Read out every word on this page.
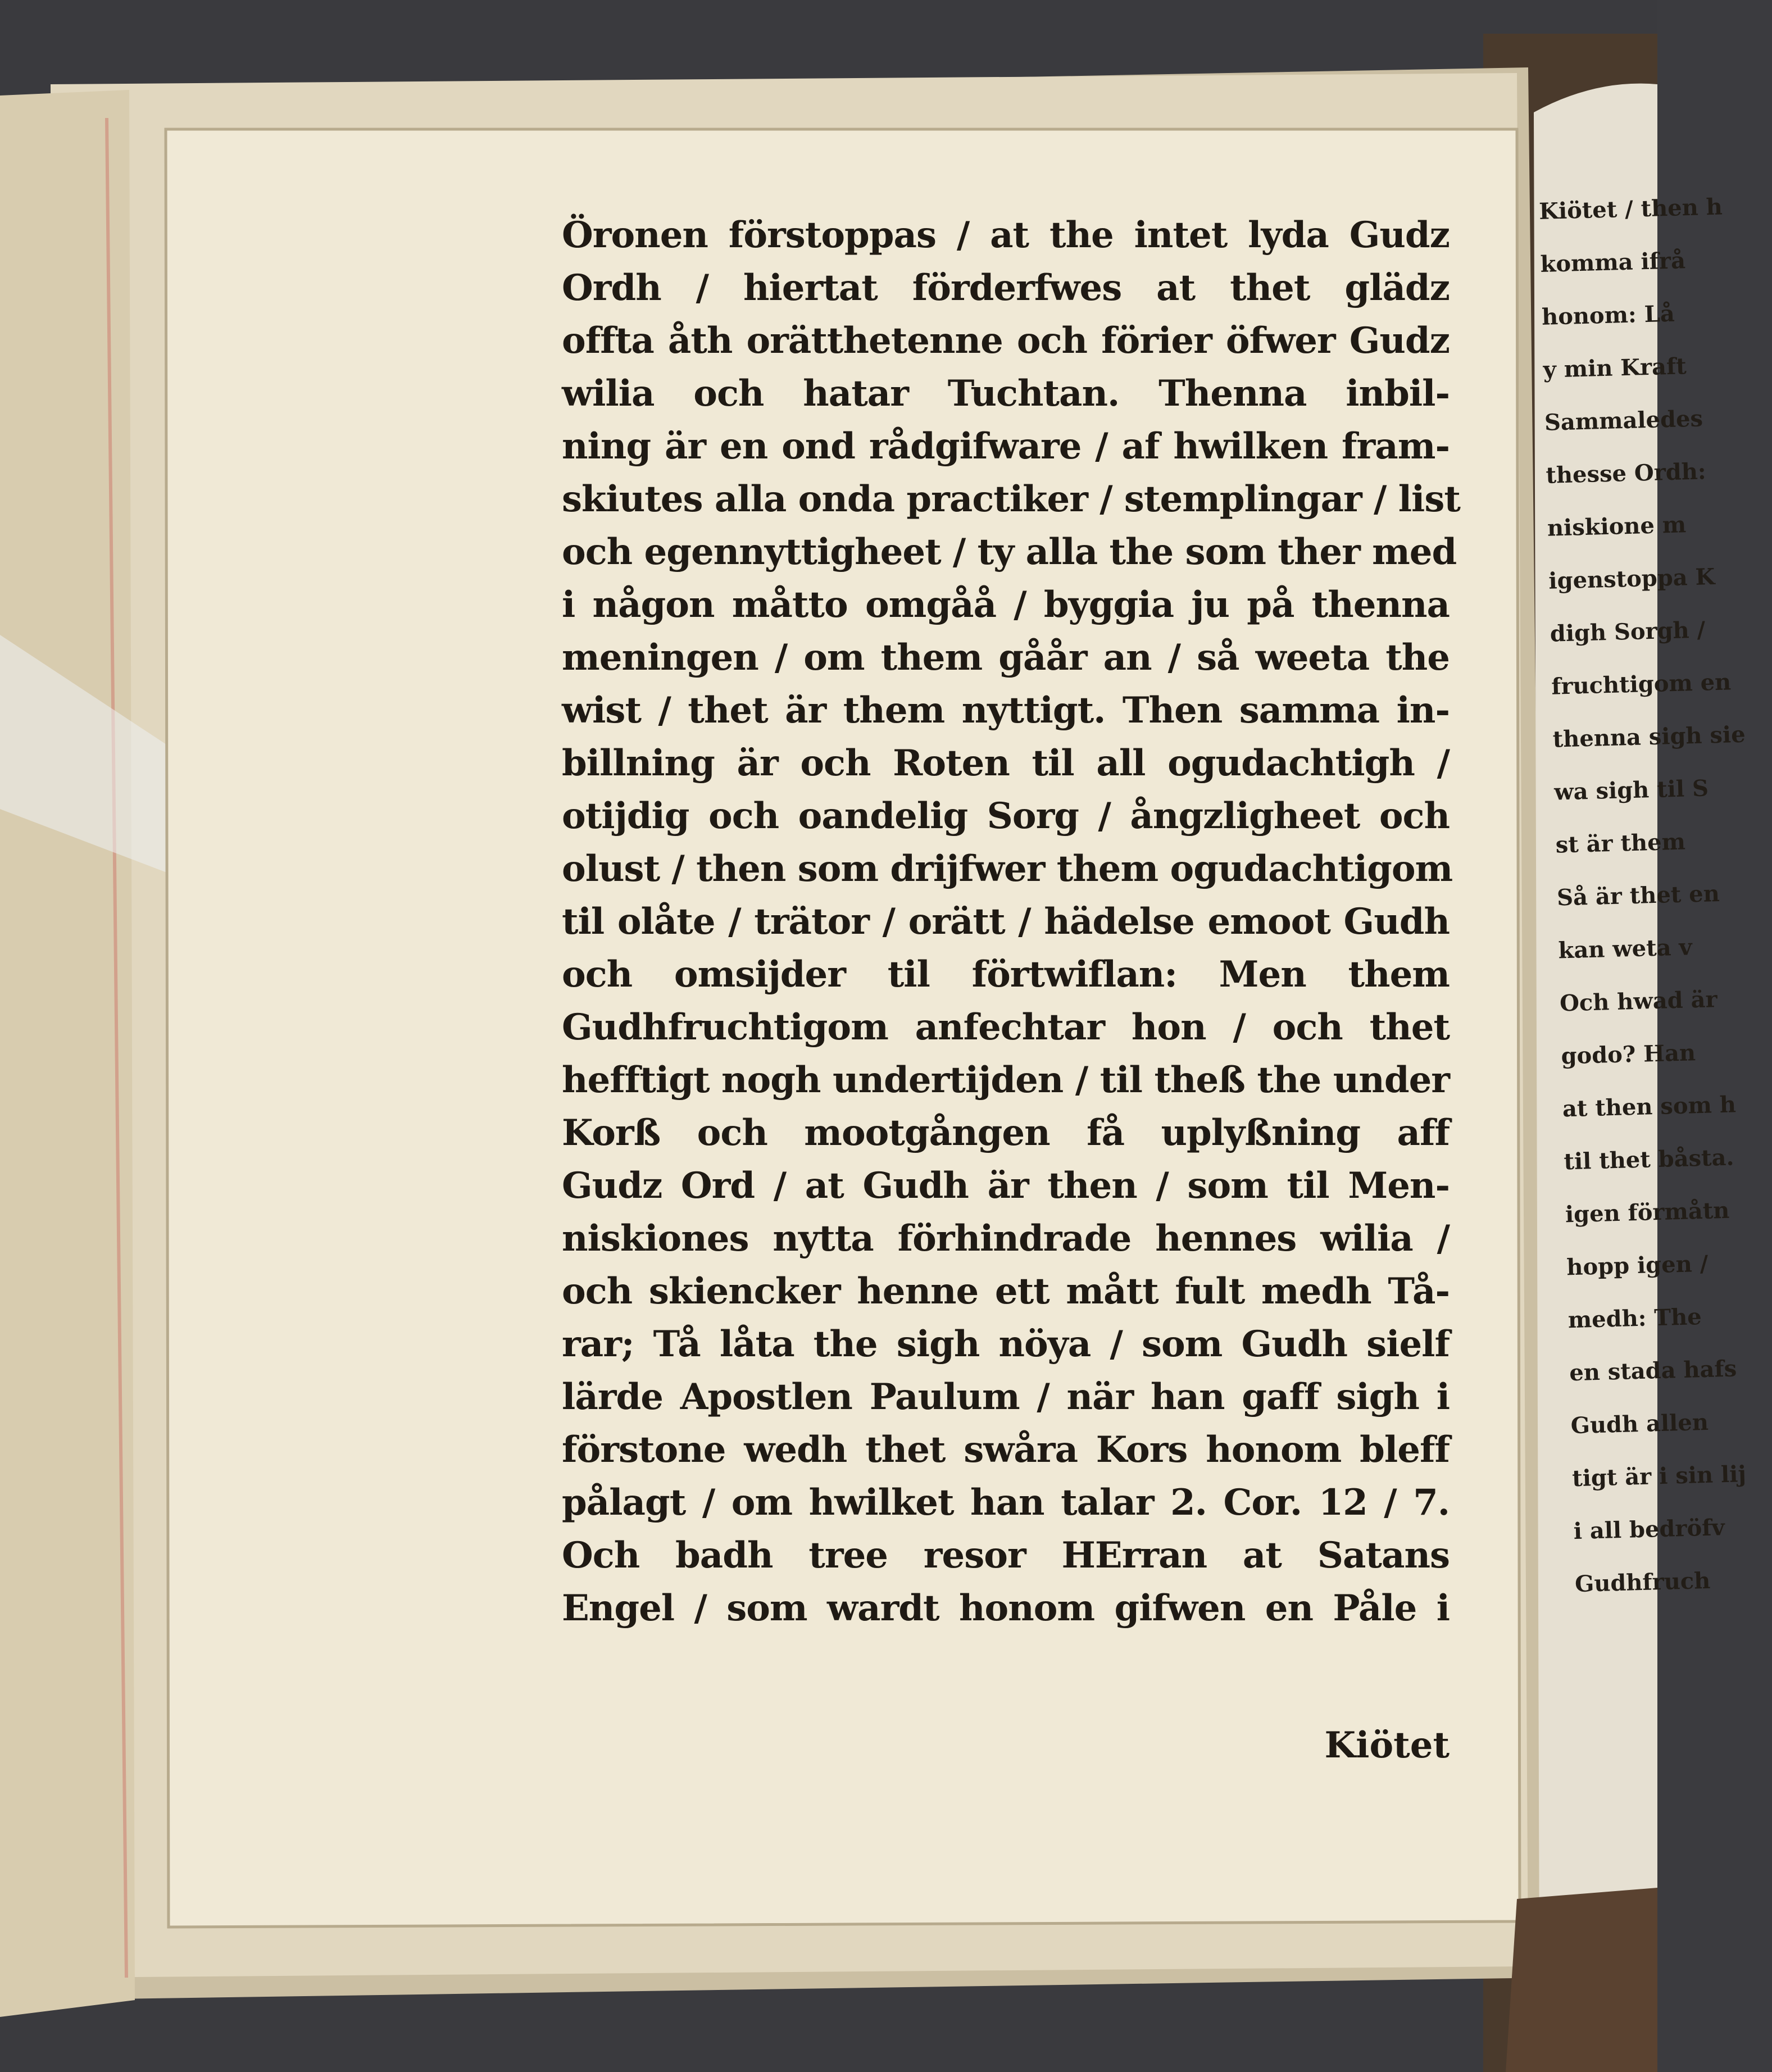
Öronen förstoppas / at the intet lyda Gudz
Ordh / hiertat förderfwes at thet glädz
offta åth orätthetenne och förier öfwer Gudz
wilia och hatar Tuchtan. Thenna inbil-
ning är en ond rådgifware / af hwilken fram-
skiutes alla onda practiker / stemplingar / list
och egennyttigheet / ty alla the som ther med
i någon måtto omgåå / byggia ju på thenna
meningen / om them gåår an / så weeta the
wist / thet är them nyttigt. Then samma in-
billning är och Roten til all ogudachtigh /
otijdig och oandelig Sorg / ångzligheet och
olust / then som drijfwer them ogudachtigom
til olåte / trätor / orätt / hädelse emoot Gudh
och omsijder til förtwiflan: Men them
Gudhfruchtigom anfechtar hon / och thet
hefftigt nogh undertijden / til theß the under
Korß och mootgången få uplyßning aff
Gudz Ord / at Gudh är then / som til Men-
niskiones nytta förhindrade hennes wilia /
och skiencker henne ett mått fult medh Tå-
rar; Tå låta the sigh nöya / som Gudh sielf
lärde Apostlen Paulum / när han gaff sigh i
förstone wedh thet swåra Kors honom bleff
pålagt / om hwilket han talar 2. Cor. 12 / 7.
Och badh tree resor HErran at Satans
Engel / som wardt honom gifwen en Påle i
Kiötet
Kiötet / then h
komma ifrå
honom: Lå
y min Kraft
Sammaledes
thesse Ordh:
niskione m
igenstoppa K
digh Sorgh /
fruchtigom en
thenna sigh sie
wa sigh til S
st är them
Så är thet en
kan weta v
Och hwad är
godo? Han
at then som h
til thet båsta.
igen förmåtn
hopp igen /
medh: The
en stada hafs
Gudh allen
tigt är i sin lij
i all bedröfv
Gudhfruch
